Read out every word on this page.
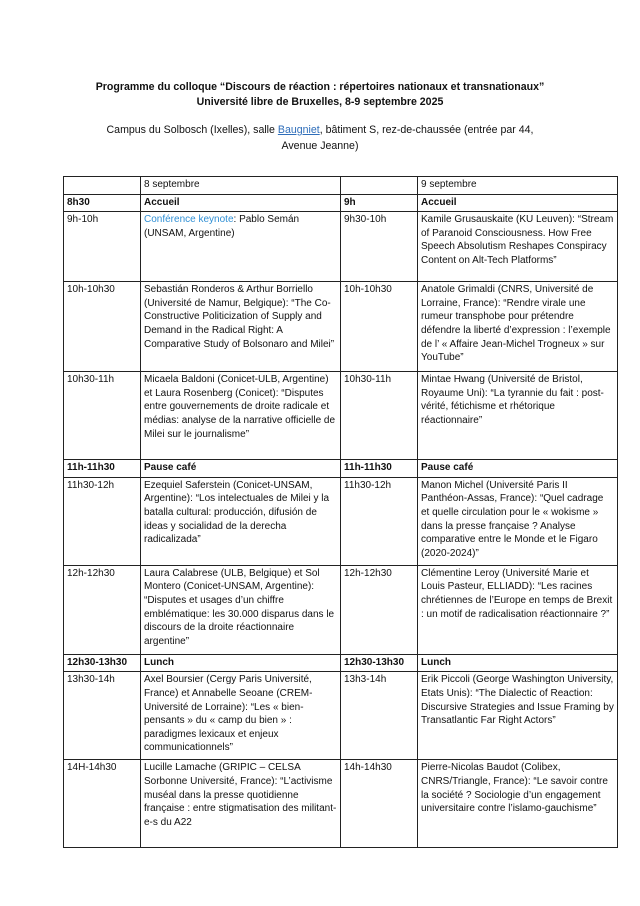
Programme du colloque “Discours de réaction : répertoires nationaux et transnationaux”
Université libre de Bruxelles, 8-9 septembre 2025
Campus du Solbosch (Ixelles), salle Baugniet, bâtiment S, rez-de-chaussée (entrée par 44, Avenue Jeanne)
	8 septembre		9 septembre
8h30	Accueil	9h	Accueil
9h-10h	Conférence keynote: Pablo Semán (UNSAM, Argentine)	9h30-10h	Kamile Grusauskaite (KU Leuven): “Stream of Paranoid Consciousness. How Free Speech Absolutism Reshapes Conspiracy Content on Alt-Tech Platforms”
10h-10h30	Sebastián Ronderos & Arthur Borriello (Université de Namur, Belgique): “The Co-Constructive Politicization of Supply and Demand in the Radical Right: A Comparative Study of Bolsonaro and Milei”	10h-10h30	Anatole Grimaldi (CNRS, Université de Lorraine, France): “Rendre virale une rumeur transphobe pour prétendre défendre la liberté d’expression : l’exemple de l’ « Affaire Jean-Michel Trogneux » sur YouTube”
10h30-11h	Micaela Baldoni (Conicet-ULB, Argentine) et Laura Rosenberg (Conicet): “Disputes entre gouvernements de droite radicale et médias: analyse de la narrative officielle de Milei sur le journalisme”	10h30-11h	Mintae Hwang (Université de Bristol, Royaume Uni): “La tyrannie du fait : post-vérité, fétichisme et rhétorique réactionnaire”
11h-11h30	Pause café	11h-11h30	Pause café
11h30-12h	Ezequiel Saferstein (Conicet-UNSAM, Argentine): “Los intelectuales de Milei y la batalla cultural: producción, difusión de ideas y socialidad de la derecha radicalizada”	11h30-12h	Manon Michel (Université Paris II Panthéon-Assas, France): “Quel cadrage et quelle circulation pour le « wokisme » dans la presse française ? Analyse comparative entre le Monde et le Figaro (2020-2024)”
12h-12h30	Laura Calabrese (ULB, Belgique) et Sol Montero (Conicet-UNSAM, Argentine): “Disputes et usages d’un chiffre emblématique: les 30.000 disparus dans le discours de la droite réactionnaire argentine”	12h-12h30	Clémentine Leroy (Université Marie et Louis Pasteur, ELLIADD): “Les racines chrétiennes de l’Europe en temps de Brexit : un motif de radicalisation réactionnaire ?”
12h30-13h30	Lunch	12h30-13h30	Lunch
13h30-14h	Axel Boursier (Cergy Paris Université, France) et Annabelle Seoane (CREM-Université de Lorraine): “Les « bien-pensants » du « camp du bien » : paradigmes lexicaux et enjeux communicationnels”	13h3-14h	Erik Piccoli (George Washington University, Etats Unis): “The Dialectic of Reaction: Discursive Strategies and Issue Framing by Transatlantic Far Right Actors”
14H-14h30	Lucille Lamache (GRIPIC – CELSA Sorbonne Université, France): “L’activisme muséal dans la presse quotidienne française : entre stigmatisation des militant-e-s du A22	14h-14h30	Pierre-Nicolas Baudot (Colibex, CNRS/Triangle, France): “Le savoir contre la société ? Sociologie d’un engagement universitaire contre l’islamo-gauchisme”
